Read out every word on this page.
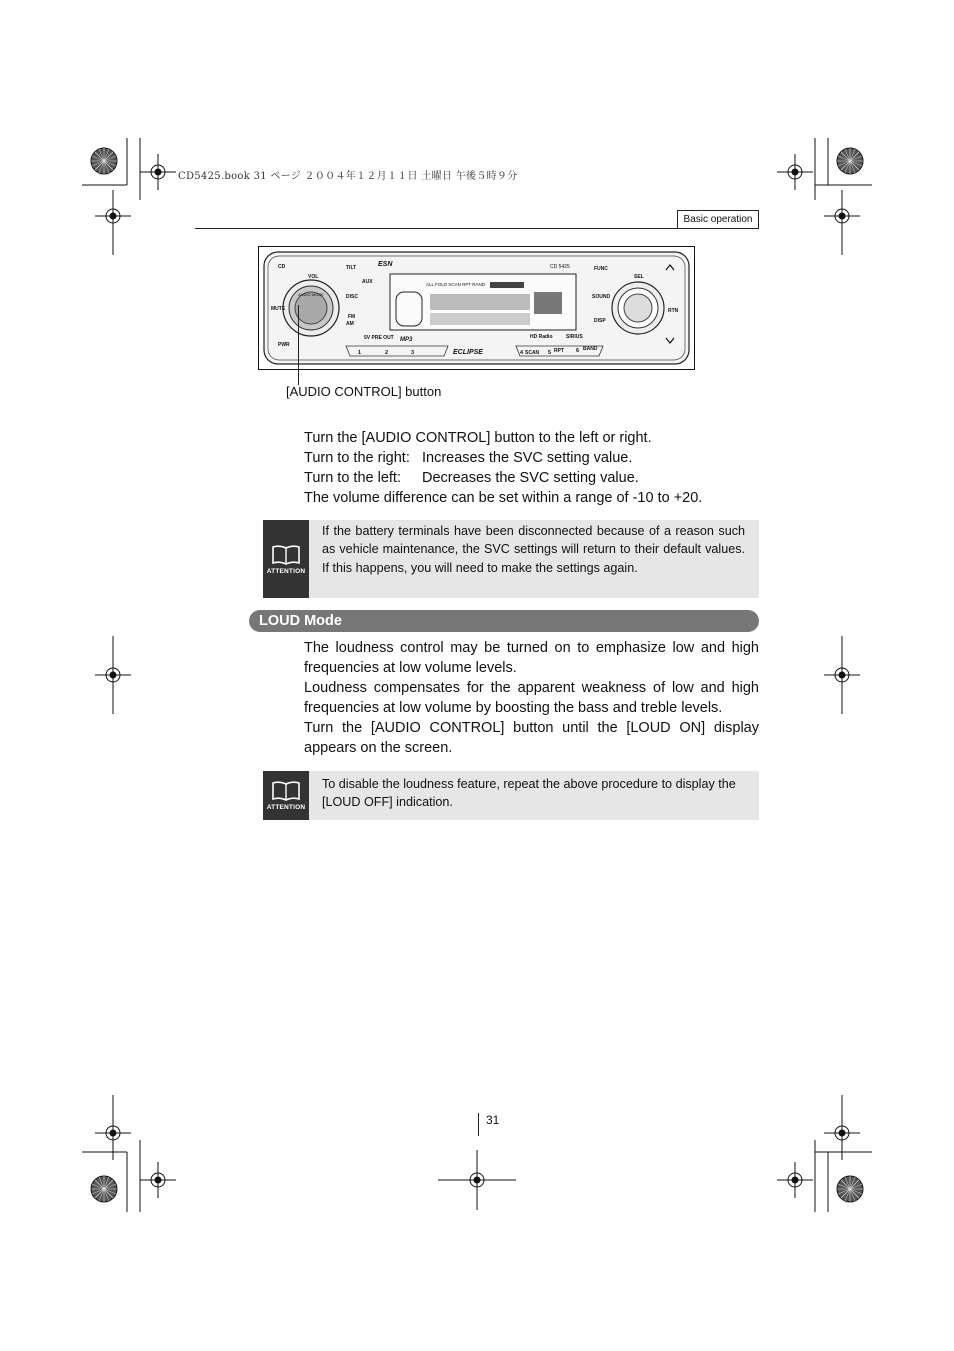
CD5425.book 31 ページ ２００４年１２月１１日 土曜日 午後５時９分
Basic operation
AUDIO MODE
ALL FOLD SCAN RPT RAND
CD
VOL
TILT
AUX
DISC
MUTE
FM
AM
PWR
FUNC
SEL
SOUND
DISP
RTN
SCAN	RPT	BAND
CD 5425
ESN
ECLIPSE
HD Radio	SIRIUS
MP3
5V PRE OUT
1	2	3	4	5	6
[AUDIO CONTROL] button
Turn the [AUDIO CONTROL] button to the left or right.
Turn to the right: Increases the SVC setting value.
Turn to the left: Decreases the SVC setting value.
The volume difference can be set within a range of -10 to +20.
ATTENTION
If the battery terminals have been disconnected because of a reason such as vehicle maintenance, the SVC settings will return to their default values. If this happens, you will need to make the settings again.
LOUD Mode
The loudness control may be turned on to emphasize low and high frequencies at low volume levels.
Loudness compensates for the apparent weakness of low and high frequencies at low volume by boosting the bass and treble levels.
Turn the [AUDIO CONTROL] button until the [LOUD ON] display appears on the screen.
ATTENTION
To disable the loudness feature, repeat the above procedure to display the [LOUD OFF] indication.
31
